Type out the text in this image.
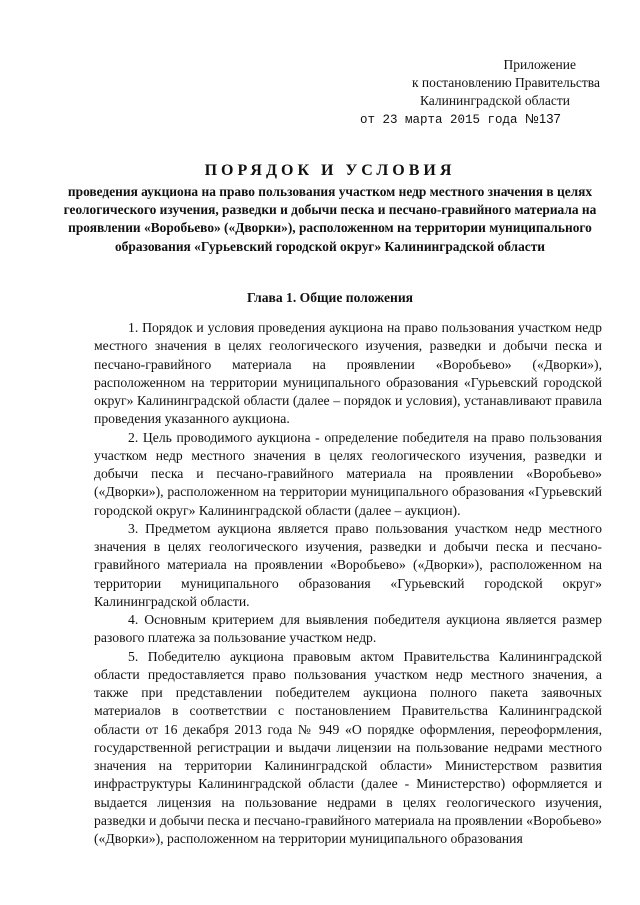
Приложение
к постановлению Правительства
Калининградской области
от 23 марта 2015 года №137
ПОРЯДОК И УСЛОВИЯ
проведения аукциона на право пользования участком недр местного значения в целях геологического изучения, разведки и добычи песка и песчано-гравийного материала на проявлении «Воробьево» («Дворки»), расположенном на территории муниципального образования «Гурьевский городской округ» Калининградской области
Глава 1. Общие положения

1. Порядок и условия проведения аукциона на право пользования участком недр местного значения в целях геологического изучения, разведки и добычи песка и песчано-гравийного материала на проявлении «Воробьево» («Дворки»), расположенном на территории муниципального образования «Гурьевский городской округ» Калининградской области (далее – порядок и условия), устанавливают правила проведения указанного аукциона.

2. Цель проводимого аукциона - определение победителя на право пользования участком недр местного значения в целях геологического изучения, разведки и добычи песка и песчано-гравийного материала на проявлении «Воробьево» («Дворки»), расположенном на территории муниципального образования «Гурьевский городской округ» Калининградской области (далее – аукцион).

3. Предметом аукциона является право пользования участком недр местного значения в целях геологического изучения, разведки и добычи песка и песчано-гравийного материала на проявлении «Воробьево» («Дворки»), расположенном на территории муниципального образования «Гурьевский городской округ» Калининградской области.

4. Основным критерием для выявления победителя аукциона является размер разового платежа за пользование участком недр.

5. Победителю аукциона правовым актом Правительства Калининградской области предоставляется право пользования участком недр местного значения, а также при представлении победителем аукциона полного пакета заявочных материалов в соответствии с постановлением Правительства Калининградской области от 16 декабря 2013 года № 949 «О порядке оформления, переоформления, государственной регистрации и выдачи лицензии на пользование недрами местного значения на территории Калининградской области» Министерством развития инфраструктуры Калининградской области (далее - Министерство) оформляется и выдается лицензия на пользование недрами в целях геологического изучения, разведки и добычи песка и песчано-гравийного материала на проявлении «Воробьево» («Дворки»), расположенном на территории муниципального образования
